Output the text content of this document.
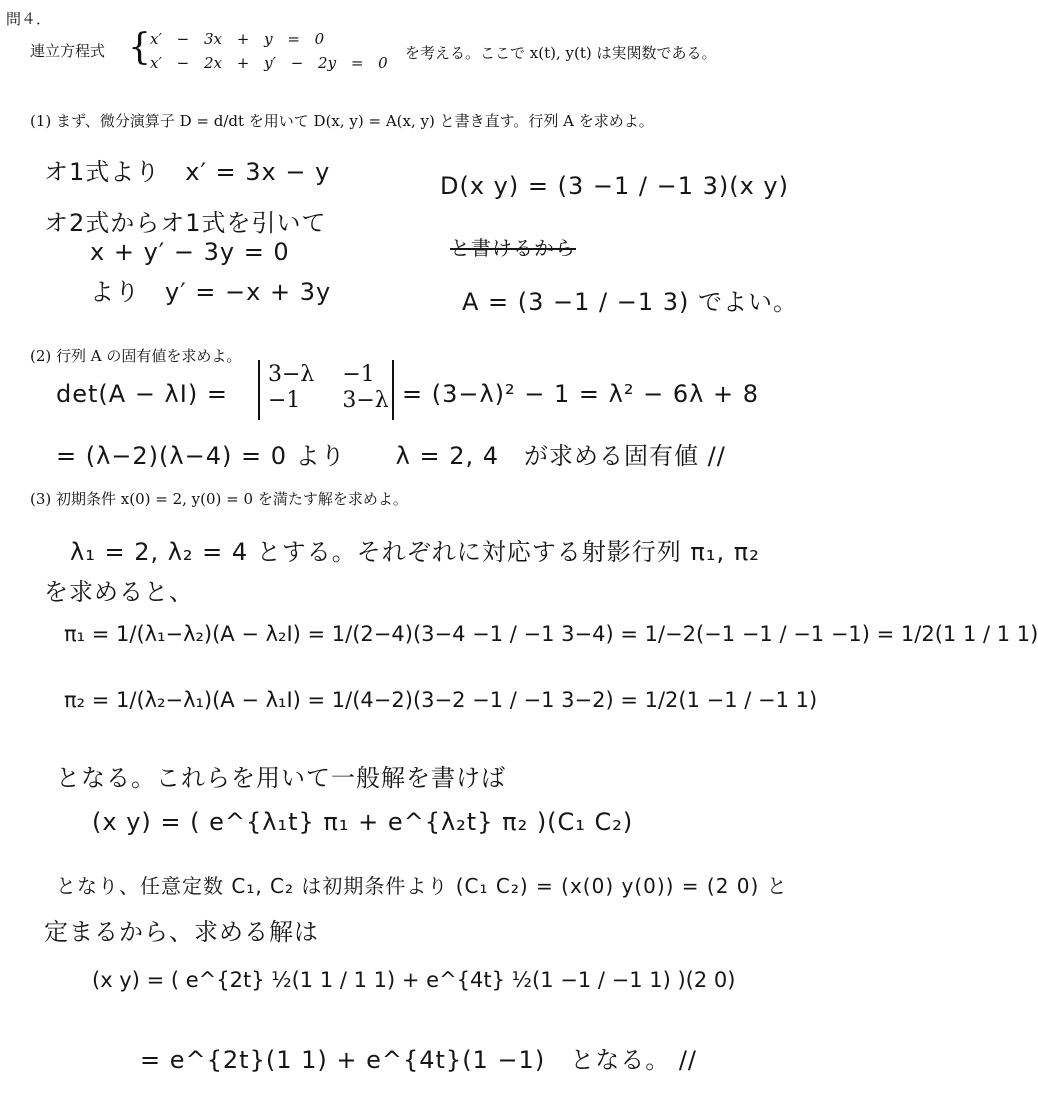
問４．
連立方程式 { x′ − 3x + y = 0
x′ − 2x + y′ − 2y = 0
を考える。ここで x(t), y(t) は実関数である。
(1) まず、微分演算子 D = d/dt を用いて D(x, y) = A(x, y) と書き直す。行列 A を求めよ。
オ1式より　x′ = 3x − y
オ2式からオ1式を引いて
x + y′ − 3y = 0
より　y′ = −x + 3y
D(x y) = (3 −1 / −1 3)(x y)
と書けるから
A = (3 −1 / −1 3) でよい。
(2) 行列 A の固有値を求めよ。
det(A − λI) =
3−λ −1
−1	3−λ = (3−λ)² − 1 = λ² − 6λ + 8
= (λ−2)(λ−4) = 0 より　　λ = 2, 4　が求める固有値 //
(3) 初期条件 x(0) = 2, y(0) = 0 を満たす解を求めよ。
λ₁ = 2, λ₂ = 4 とする。それぞれに対応する射影行列 π₁, π₂
を求めると、
π₁ = 1/(λ₁−λ₂)(A − λ₂I) = 1/(2−4)(3−4 −1 / −1 3−4) = 1/−2(−1 −1 / −1 −1) = 1/2(1 1 / 1 1)
π₂ = 1/(λ₂−λ₁)(A − λ₁I) = 1/(4−2)(3−2 −1 / −1 3−2) = 1/2(1 −1 / −1 1)
となる。これらを用いて一般解を書けば
(x y) = ( e^{λ₁t} π₁ + e^{λ₂t} π₂ )(C₁ C₂)
となり、任意定数 C₁, C₂ は初期条件より (C₁ C₂) = (x(0) y(0)) = (2 0) と
定まるから、求める解は
(x y) = ( e^{2t} ½(1 1 / 1 1) + e^{4t} ½(1 −1 / −1 1) )(2 0)
= e^{2t}(1 1) + e^{4t}(1 −1)　となる。 //
